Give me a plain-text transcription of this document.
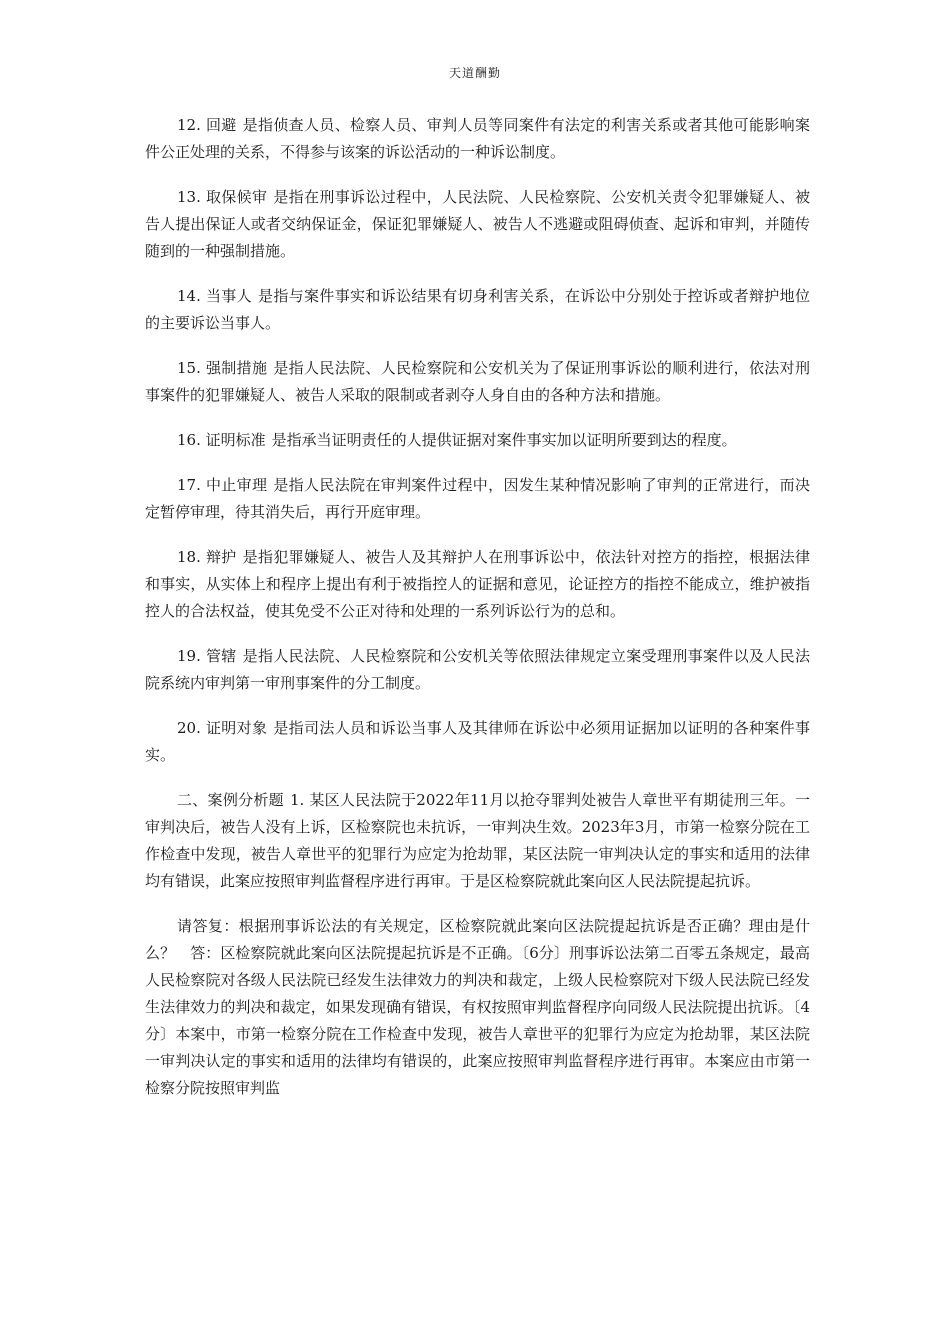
天道酬勤

12. 回避 是指侦查人员、检察人员、审判人员等同案件有法定的利害关系或者其他可能影响案件公正处理的关系，不得参与该案的诉讼活动的一种诉讼制度。

13. 取保候审 是指在刑事诉讼过程中，人民法院、人民检察院、公安机关责令犯罪嫌疑人、被告人提出保证人或者交纳保证金，保证犯罪嫌疑人、被告人不逃避或阻碍侦查、起诉和审判，并随传随到的一种强制措施。

14. 当事人 是指与案件事实和诉讼结果有切身利害关系，在诉讼中分别处于控诉或者辩护地位的主要诉讼当事人。

15. 强制措施 是指人民法院、人民检察院和公安机关为了保证刑事诉讼的顺利进行，依法对刑事案件的犯罪嫌疑人、被告人采取的限制或者剥夺人身自由的各种方法和措施。

16. 证明标准 是指承当证明责任的人提供证据对案件事实加以证明所要到达的程度。

17. 中止审理 是指人民法院在审判案件过程中，因发生某种情况影响了审判的正常进行，而决定暂停审理，待其消失后，再行开庭审理。

18. 辩护 是指犯罪嫌疑人、被告人及其辩护人在刑事诉讼中，依法针对控方的指控，根据法律和事实，从实体上和程序上提出有利于被指控人的证据和意见，论证控方的指控不能成立，维护被指控人的合法权益，使其免受不公正对待和处理的一系列诉讼行为的总和。

19. 管辖 是指人民法院、人民检察院和公安机关等依照法律规定立案受理刑事案件以及人民法院系统内审判第一审刑事案件的分工制度。

20. 证明对象 是指司法人员和诉讼当事人及其律师在诉讼中必须用证据加以证明的各种案件事实。

二、案例分析题 1. 某区人民法院于2022年11月以抢夺罪判处被告人章世平有期徒刑三年。一审判决后，被告人没有上诉，区检察院也未抗诉，一审判决生效。2023年3月，市第一检察分院在工作检查中发现，被告人章世平的犯罪行为应定为抢劫罪，某区法院一审判决认定的事实和适用的法律均有错误，此案应按照审判监督程序进行再审。于是区检察院就此案向区人民法院提起抗诉。

请答复：根据刑事诉讼法的有关规定，区检察院就此案向区法院提起抗诉是否正确？理由是什么？　答：区检察院就此案向区法院提起抗诉是不正确。〔6分〕刑事诉讼法第二百零五条规定，最高人民检察院对各级人民法院已经发生法律效力的判决和裁定，上级人民检察院对下级人民法院已经发生法律效力的判决和裁定，如果发现确有错误，有权按照审判监督程序向同级人民法院提出抗诉。〔4分〕本案中，市第一检察分院在工作检查中发现，被告人章世平的犯罪行为应定为抢劫罪，某区法院一审判决认定的事实和适用的法律均有错误的，此案应按照审判监督程序进行再审。本案应由市第一检察分院按照审判监
